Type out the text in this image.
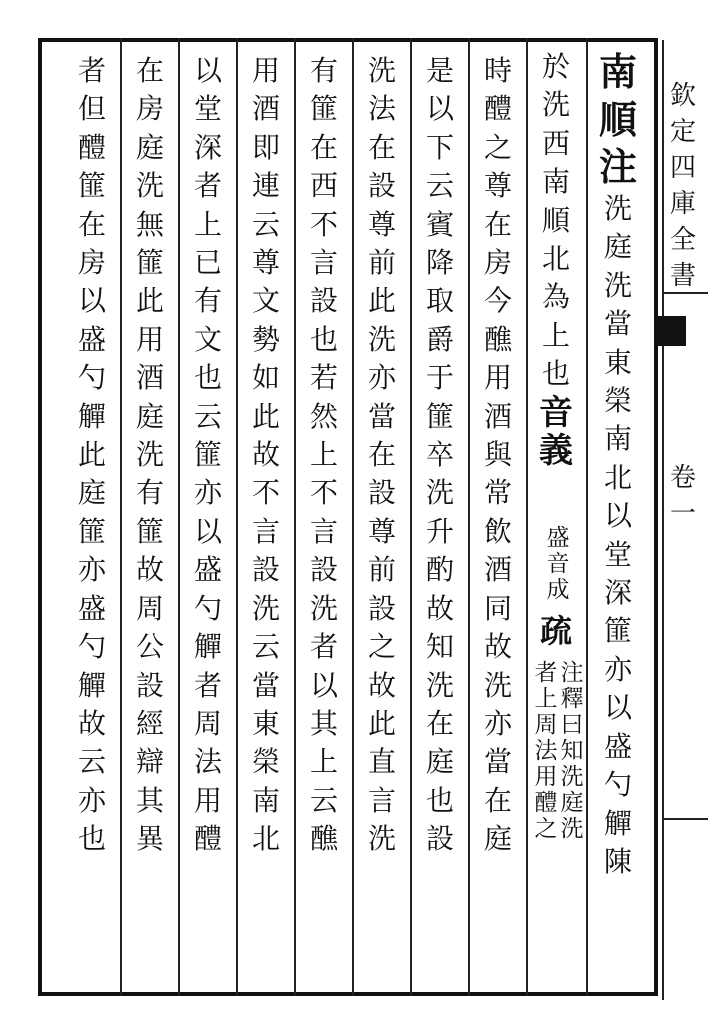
南
順
注
洗
庭
洗
當
東
榮
南
北
以
堂
深
篚
亦
以
盛
勺
觶
陳
於
洗
西
南
順
北
為
上
也
音
義
盛
音
成
疏
注
釋
曰
知
洗
庭
洗
者
上
周
法
用
醴
之
時
醴
之
尊
在
房
今
醮
用
酒
與
常
飲
酒
同
故
洗
亦
當
在
庭
是
以
下
云
賓
降
取
爵
于
篚
卒
洗
升
酌
故
知
洗
在
庭
也
設
洗
法
在
設
尊
前
此
洗
亦
當
在
設
尊
前
設
之
故
此
直
言
洗
有
篚
在
西
不
言
設
也
若
然
上
不
言
設
洗
者
以
其
上
云
醮
用
酒
即
連
云
尊
文
勢
如
此
故
不
言
設
洗
云
當
東
榮
南
北
以
堂
深
者
上
已
有
文
也
云
篚
亦
以
盛
勺
觶
者
周
法
用
醴
在
房
庭
洗
無
篚
此
用
酒
庭
洗
有
篚
故
周
公
設
經
辯
其
異
者
但
醴
篚
在
房
以
盛
勺
觶
此
庭
篚
亦
盛
勺
觶
故
云
亦
也
欽
定
四
庫
全
書
卷
一
